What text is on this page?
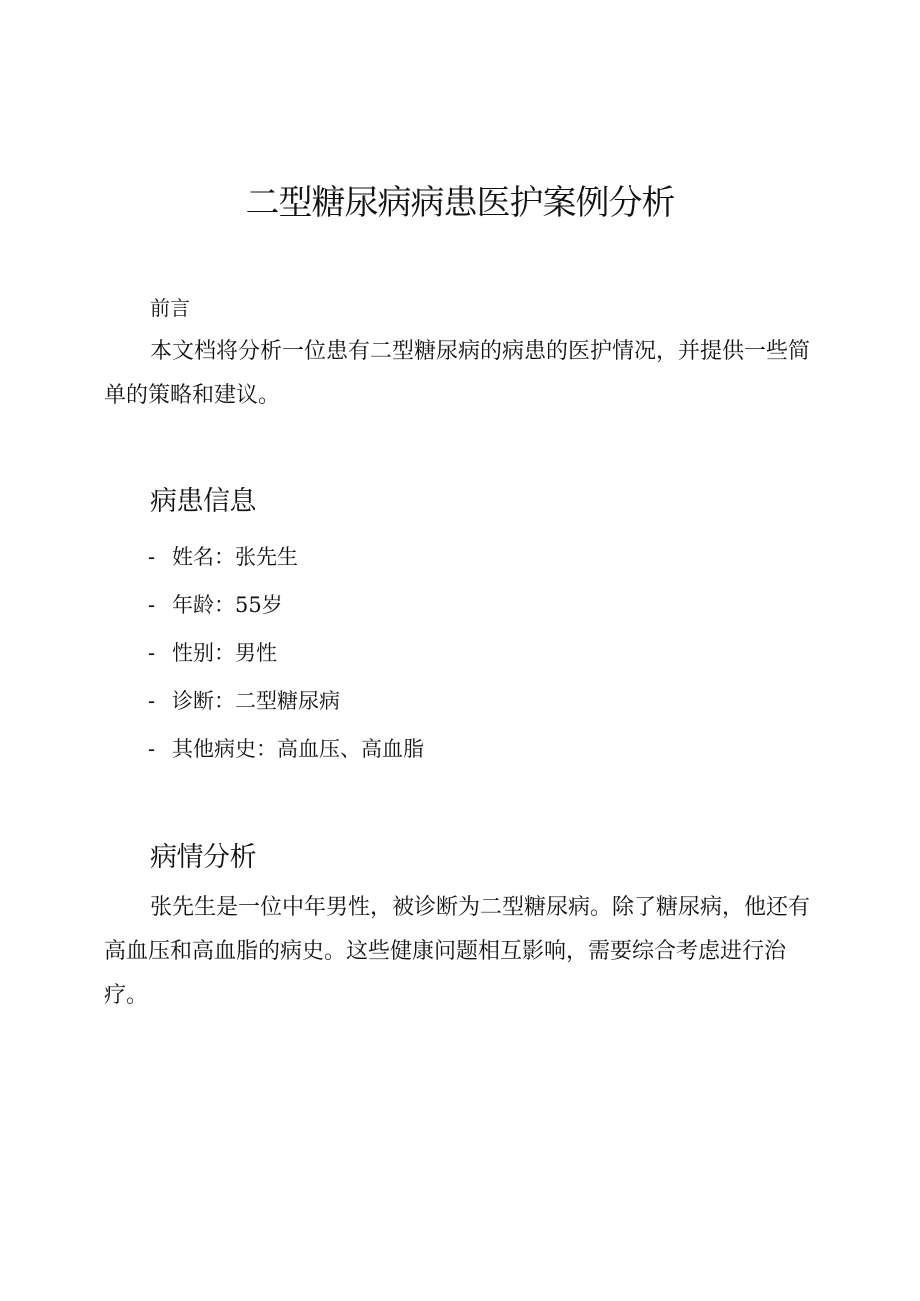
二型糖尿病病患医护案例分析

前言

本文档将分析一位患有二型糖尿病的病患的医护情况，并提供一些简单的策略和建议。

病患信息
- 姓名：张先生
- 年龄：55岁
- 性别：男性
- 诊断：二型糖尿病
- 其他病史：高血压、高血脂
病情分析

张先生是一位中年男性，被诊断为二型糖尿病。除了糖尿病，他还有高血压和高血脂的病史。这些健康问题相互影响，需要综合考虑进行治疗。
